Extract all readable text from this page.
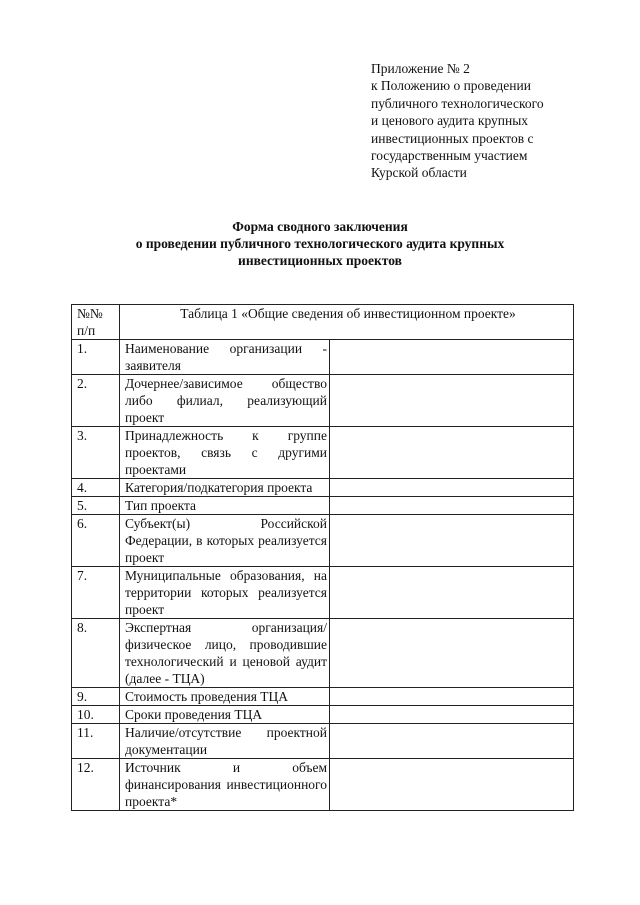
Приложение № 2
к Положению о проведении
публичного технологического
и ценового аудита крупных
инвестиционных проектов с
государственным участием
Курской области
Форма сводного заключения
о проведении публичного технологического аудита крупных
инвестиционных проектов
№№ п/п	Таблица 1 «Общие сведения об инвестиционном проекте»	
1.	Наименование организации - заявителя	
2.	Дочернее/зависимое общество либо филиал, реализующий проект	
3.	Принадлежность к группе проектов, связь с другими проектами	
4.	Категория/подкатегория проекта	
5.	Тип проекта	
6.	Субъект(ы) Российской Федерации, в которых реализуется проект	
7.	Муниципальные образования, на территории которых реализуется проект	
8.	Экспертная организация/физическое лицо, проводившие технологический и ценовой аудит (далее - ТЦА)	
9.	Стоимость проведения ТЦА	
10.	Сроки проведения ТЦА	
11.	Наличие/отсутствие проектной документации	
12.	Источник и объем финансирования инвестиционного проекта*	
